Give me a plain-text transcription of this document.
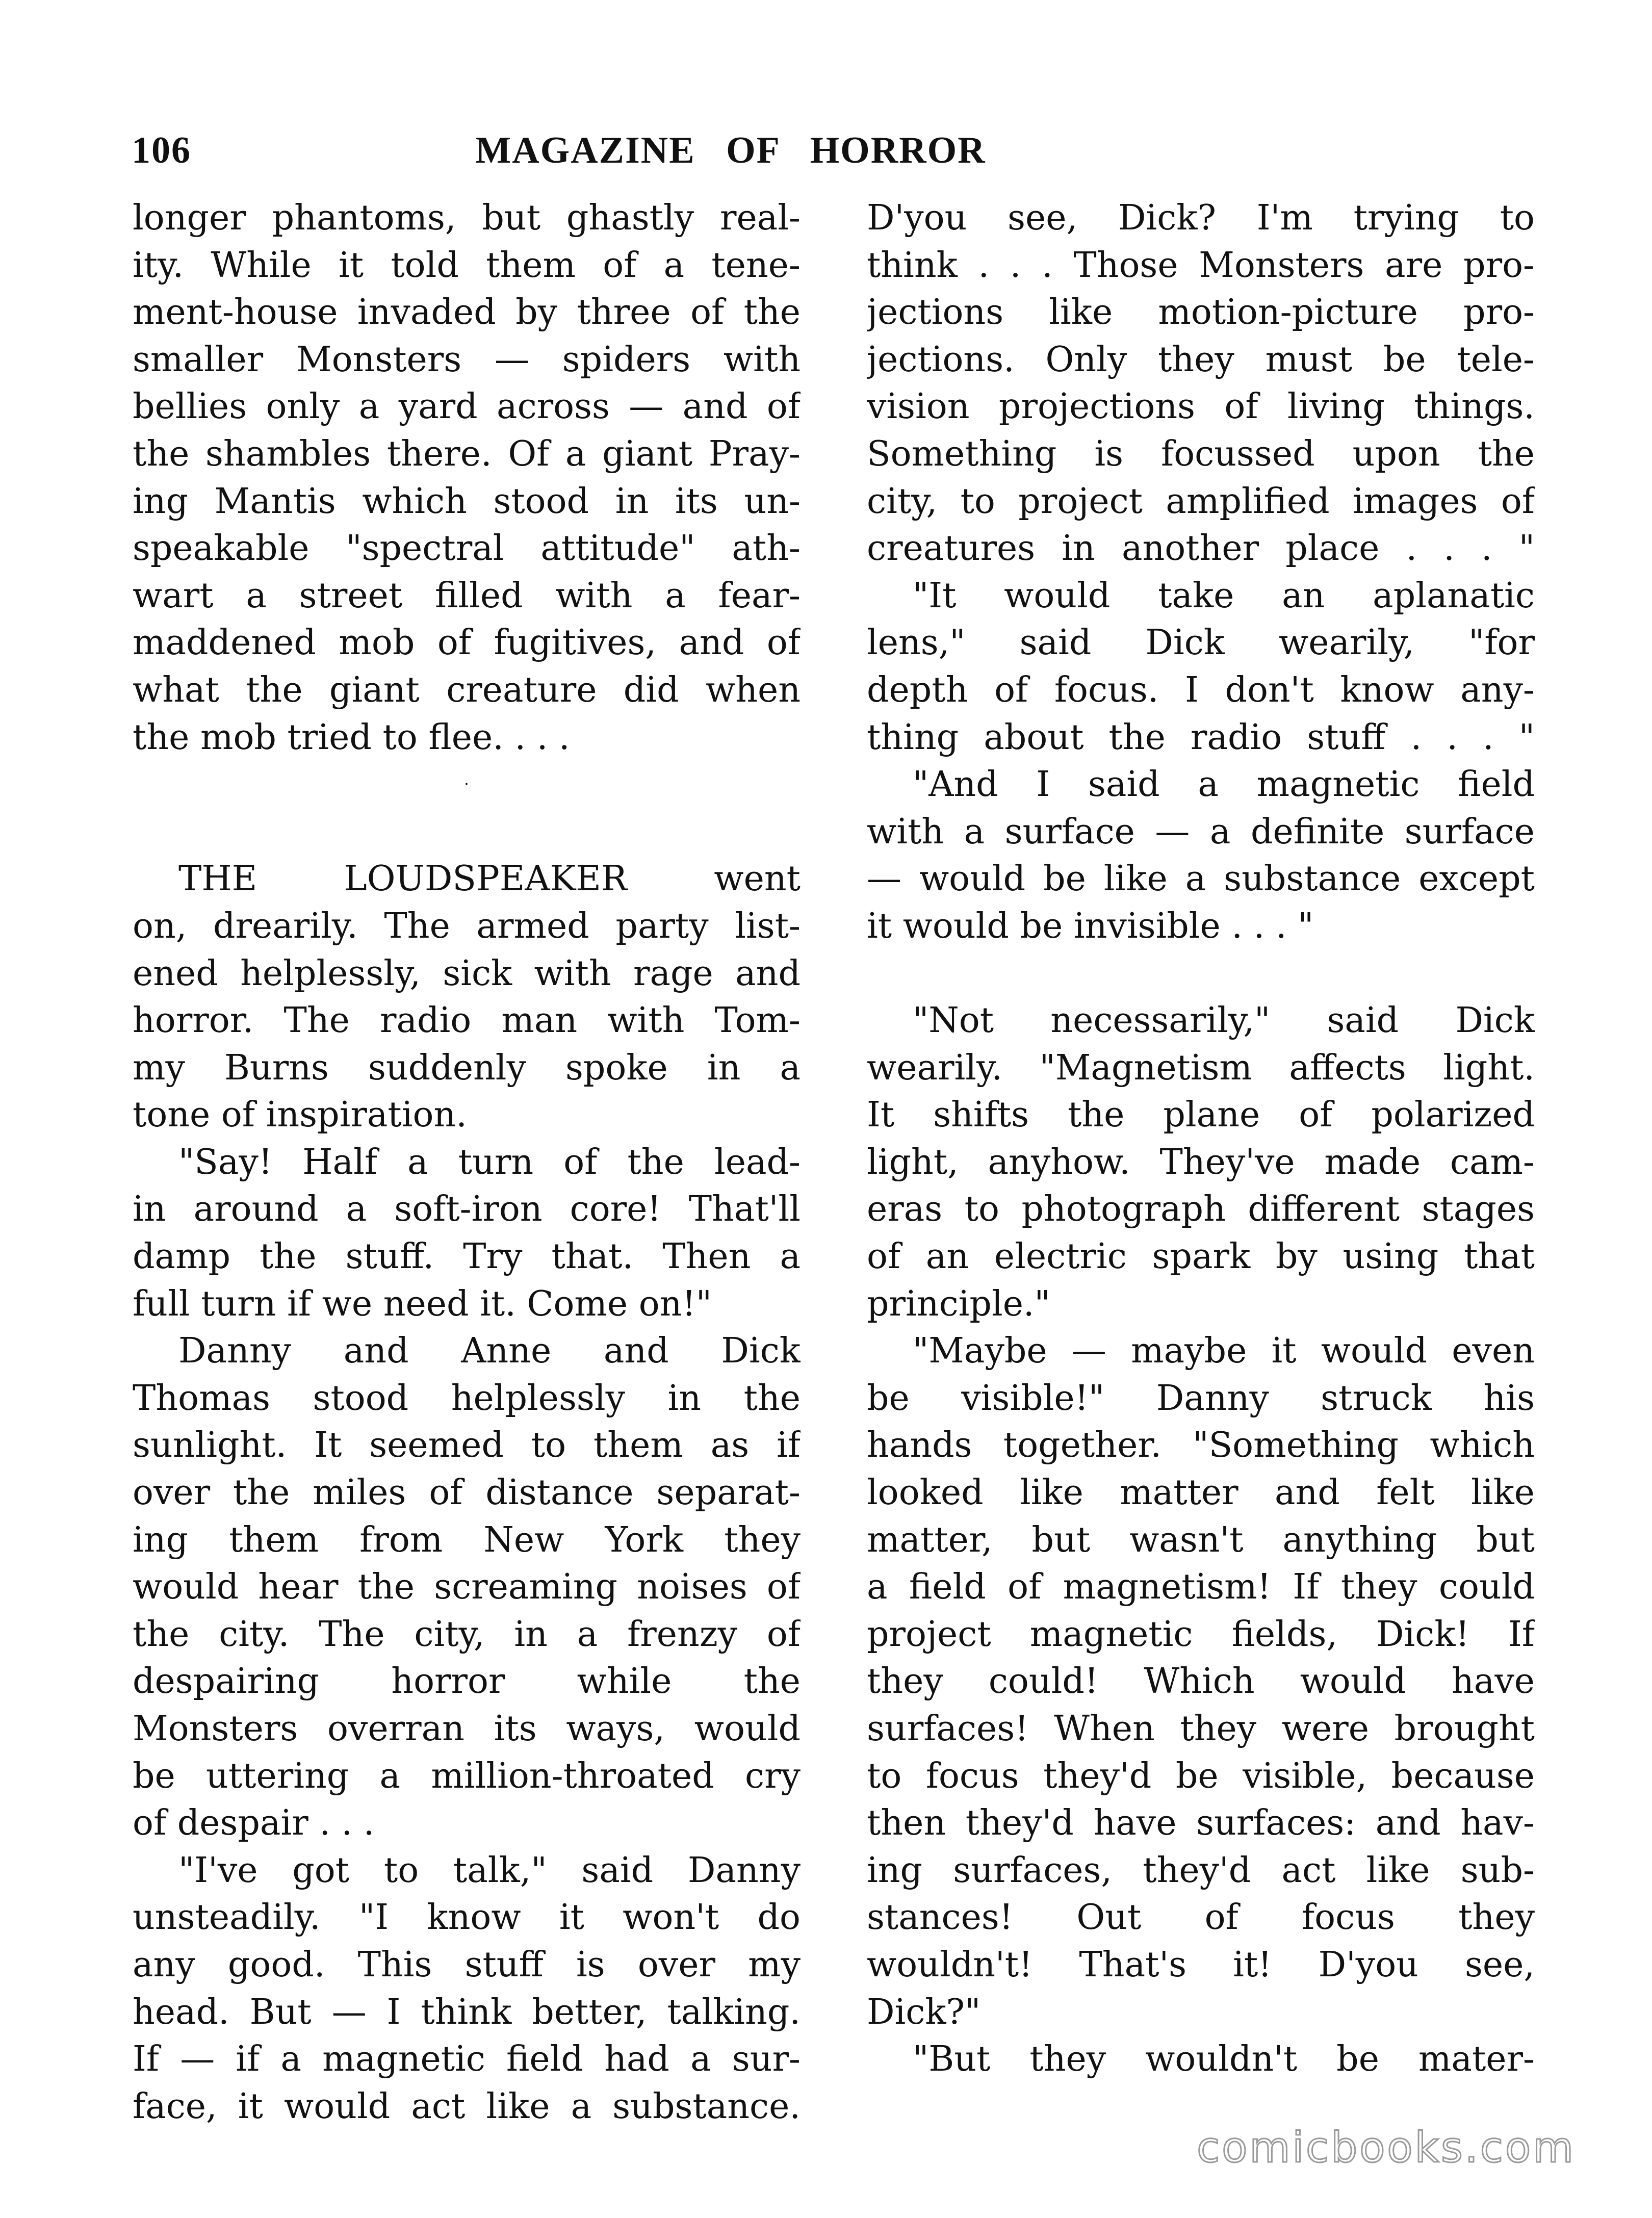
106	MAGAZINE OF HORROR
longer phantoms, but ghastly real-
ity. While it told them of a tene-
ment-house invaded by three of the
smaller Monsters — spiders with
bellies only a yard across — and of
the shambles there. Of a giant Pray-
ing Mantis which stood in its un-
speakable "spectral attitude" ath-
wart a street filled with a fear-
maddened mob of fugitives, and of
what the giant creature did when
the mob tried to flee. . . .
·
THE LOUDSPEAKER went
on, drearily. The armed party list-
ened helplessly, sick with rage and
horror. The radio man with Tom-
my Burns suddenly spoke in a
tone of inspiration.
"Say! Half a turn of the lead-
in around a soft-iron core! That'll
damp the stuff. Try that. Then a
full turn if we need it. Come on!"
Danny and Anne and Dick
Thomas stood helplessly in the
sunlight. It seemed to them as if
over the miles of distance separat-
ing them from New York they
would hear the screaming noises of
the city. The city, in a frenzy of
despairing horror while the
Monsters overran its ways, would
be uttering a million-throated cry
of despair . . .
"I've got to talk," said Danny
unsteadily. "I know it won't do
any good. This stuff is over my
head. But — I think better, talking.
If — if a magnetic field had a sur-
face, it would act like a substance.
D'you see, Dick? I'm trying to
think . . . Those Monsters are pro-
jections like motion-picture pro-
jections. Only they must be tele-
vision projections of living things.
Something is focussed upon the
city, to project amplified images of
creatures in another place . . . "
"It would take an aplanatic
lens," said Dick wearily, "for
depth of focus. I don't know any-
thing about the radio stuff . . . "
"And I said a magnetic field
with a surface — a definite surface
— would be like a substance except
it would be invisible . . . "
"Not necessarily," said Dick
wearily. "Magnetism affects light.
It shifts the plane of polarized
light, anyhow. They've made cam-
eras to photograph different stages
of an electric spark by using that
principle."
"Maybe — maybe it would even
be visible!" Danny struck his
hands together. "Something which
looked like matter and felt like
matter, but wasn't anything but
a field of magnetism! If they could
project magnetic fields, Dick! If
they could! Which would have
surfaces! When they were brought
to focus they'd be visible, because
then they'd have surfaces: and hav-
ing surfaces, they'd act like sub-
stances! Out of focus they
wouldn't! That's it! D'you see,
Dick?"
"But they wouldn't be mater-
comicbooks.com
